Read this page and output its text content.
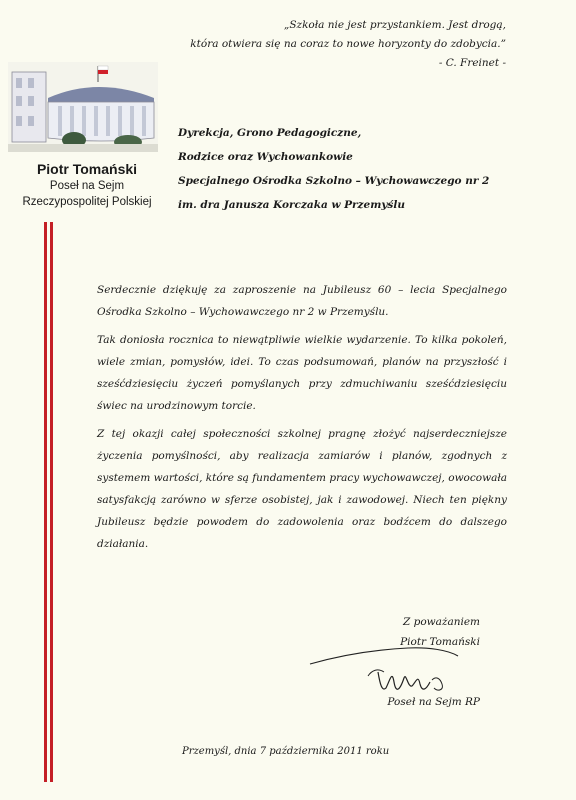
„Szkoła nie jest przystankiem. Jest drogą,
która otwiera się na coraz to nowe horyzonty do zdobycia.”
- C. Freinet -
Piotr Tomański
Poseł na Sejm
Rzeczypospolitej Polskiej
Dyrekcja, Grono Pedagogiczne,
Rodzice oraz Wychowankowie
Specjalnego Ośrodka Szkolno – Wychowawczego nr 2
im. dra Janusza Korczaka w Przemyślu

Serdecznie dziękuję za zaproszenie na Jubileusz 60 – lecia Specjalnego Ośrodka Szkolno – Wychowawczego nr 2 w Przemyślu.

Tak doniosła rocznica to niewątpliwie wielkie wydarzenie. To kilka pokoleń, wiele zmian, pomysłów, idei. To czas podsumowań, planów na przyszłość i sześćdziesięciu życzeń pomyślanych przy zdmuchiwaniu sześćdziesięciu świec na urodzinowym torcie.

Z tej okazji całej społeczności szkolnej pragnę złożyć najserdeczniejsze życzenia pomyślności, aby realizacja zamiarów i planów, zgodnych z systemem wartości, które są fundamentem pracy wychowawczej, owocowała satysfakcją zarówno w sferze osobistej, jak i zawodowej. Niech ten piękny Jubileusz będzie powodem do zadowolenia oraz bodźcem do dalszego działania.

Z poważaniem
Piotr Tomański
Poseł na Sejm RP
Przemyśl, dnia 7 października 2011 roku
